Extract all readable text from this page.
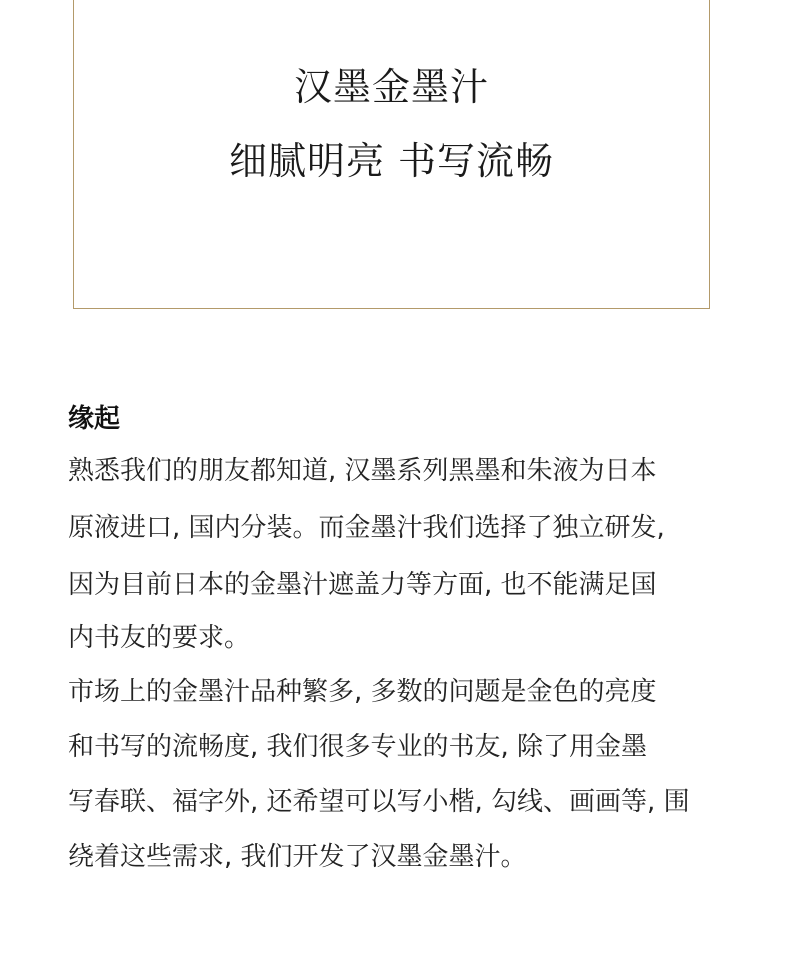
汉墨金墨汁
细腻明亮 书写流畅
缘起
熟悉我们的朋友都知道, 汉墨系列黑墨和朱液为日本
原液进口, 国内分装。而金墨汁我们选择了独立研发,
因为目前日本的金墨汁遮盖力等方面, 也不能满足国
内书友的要求。
市场上的金墨汁品种繁多, 多数的问题是金色的亮度
和书写的流畅度, 我们很多专业的书友, 除了用金墨
写春联、福字外, 还希望可以写小楷, 勾线、画画等, 围
绕着这些需求, 我们开发了汉墨金墨汁。
